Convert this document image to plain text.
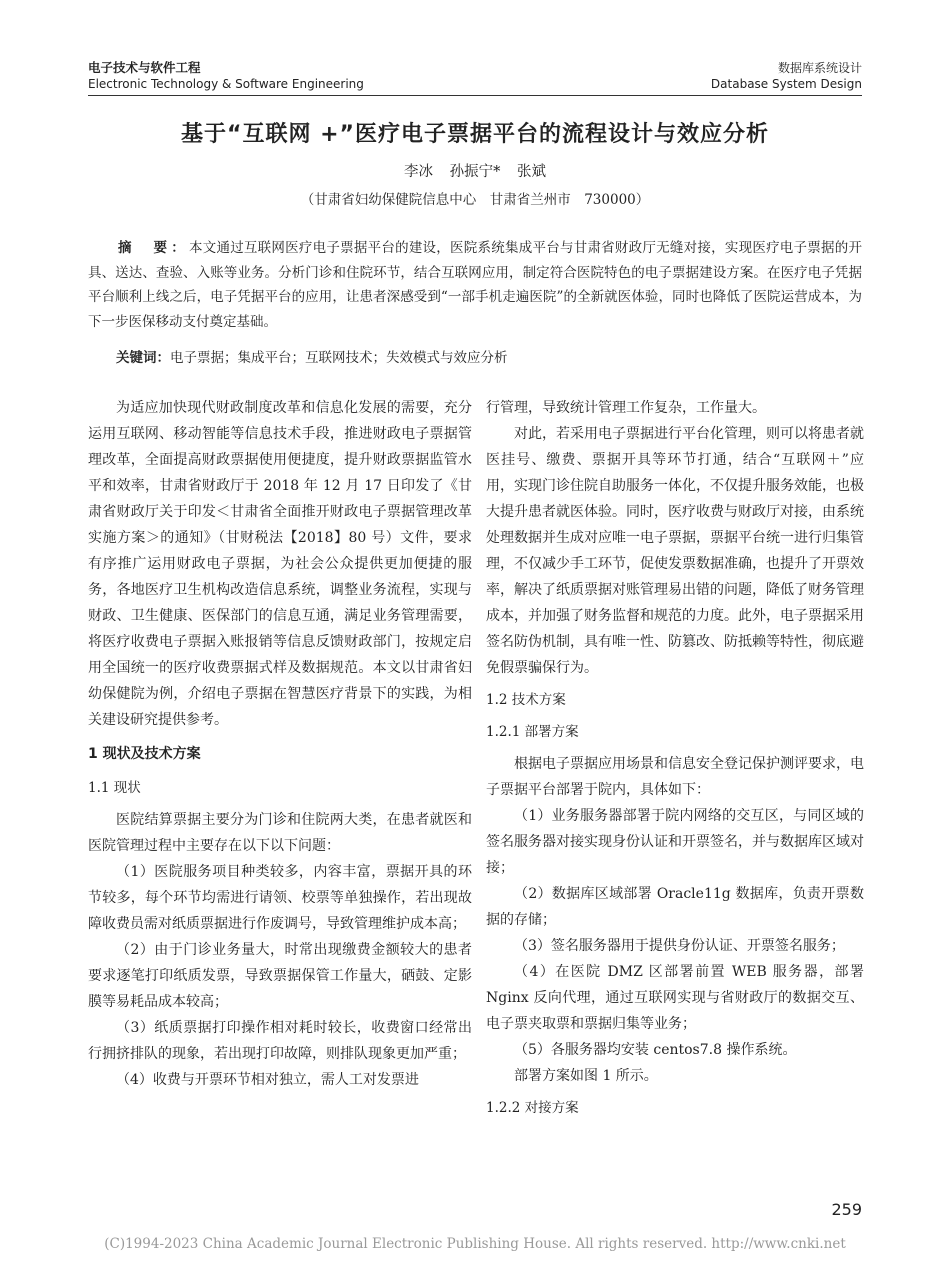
电子技术与软件工程
Electronic Technology & Software Engineering
数据库系统设计
Database System Design
基于“互联网 +”医疗电子票据平台的流程设计与效应分析
李冰 孙振宁* 张斌
（甘肃省妇幼保健院信息中心　甘肃省兰州市　730000）
摘　要：本文通过互联网医疗电子票据平台的建设，医院系统集成平台与甘肃省财政厅无缝对接，实现医疗电子票据的开具、送达、查验、入账等业务。分析门诊和住院环节，结合互联网应用，制定符合医院特色的电子票据建设方案。在医疗电子凭据平台顺利上线之后，电子凭据平台的应用，让患者深感受到“一部手机走遍医院”的全新就医体验，同时也降低了医院运营成本，为下一步医保移动支付奠定基础。
关键词：电子票据；集成平台；互联网技术；失效模式与效应分析

为适应加快现代财政制度改革和信息化发展的需要，充分运用互联网、移动智能等信息技术手段，推进财政电子票据管理改革，全面提高财政票据使用便捷度，提升财政票据监管水平和效率，甘肃省财政厅于 2018 年 12 月 17 日印发了《甘肃省财政厅关于印发＜甘肃省全面推开财政电子票据管理改革实施方案＞的通知》（甘财税法【2018】80 号）文件，要求有序推广运用财政电子票据，为社会公众提供更加便捷的服务，各地医疗卫生机构改造信息系统，调整业务流程，实现与财政、卫生健康、医保部门的信息互通，满足业务管理需要，将医疗收费电子票据入账报销等信息反馈财政部门，按规定启用全国统一的医疗收费票据式样及数据规范。本文以甘肃省妇幼保健院为例，介绍电子票据在智慧医疗背景下的实践，为相关建设研究提供参考。

1 现状及技术方案
1.1 现状

医院结算票据主要分为门诊和住院两大类，在患者就医和医院管理过程中主要存在以下以下问题：

（1）医院服务项目种类较多，内容丰富，票据开具的环节较多，每个环节均需进行请领、校票等单独操作，若出现故障收费员需对纸质票据进行作废调号，导致管理维护成本高；

（2）由于门诊业务量大，时常出现缴费金额较大的患者要求逐笔打印纸质发票，导致票据保管工作量大，硒鼓、定影膜等易耗品成本较高；

（3）纸质票据打印操作相对耗时较长，收费窗口经常出行拥挤排队的现象，若出现打印故障，则排队现象更加严重；

（4）收费与开票环节相对独立，需人工对发票进

行管理，导致统计管理工作复杂，工作量大。

对此，若采用电子票据进行平台化管理，则可以将患者就医挂号、缴费、票据开具等环节打通，结合“互联网＋”应用，实现门诊住院自助服务一体化，不仅提升服务效能，也极大提升患者就医体验。同时，医疗收费与财政厅对接，由系统处理数据并生成对应唯一电子票据，票据平台统一进行归集管理，不仅减少手工环节，促使发票数据准确，也提升了开票效率，解决了纸质票据对账管理易出错的问题，降低了财务管理成本，并加强了财务监督和规范的力度。此外，电子票据采用签名防伪机制，具有唯一性、防篡改、防抵赖等特性，彻底避免假票骗保行为。

1.2 技术方案
1.2.1 部署方案

根据电子票据应用场景和信息安全登记保护测评要求，电子票据平台部署于院内，具体如下：

（1）业务服务器部署于院内网络的交互区，与同区域的签名服务器对接实现身份认证和开票签名，并与数据库区域对接；

（2）数据库区域部署 Oracle11g 数据库，负责开票数据的存储；

（3）签名服务器用于提供身份认证、开票签名服务；

（4）在医院 DMZ 区部署前置 WEB 服务器，部署 Nginx 反向代理，通过互联网实现与省财政厅的数据交互、电子票夹取票和票据归集等业务；

（5）各服务器均安装 centos7.8 操作系统。

部署方案如图 1 所示。

1.2.2 对接方案
259
(C)1994-2023 China Academic Journal Electronic Publishing House. All rights reserved. http://www.cnki.net
